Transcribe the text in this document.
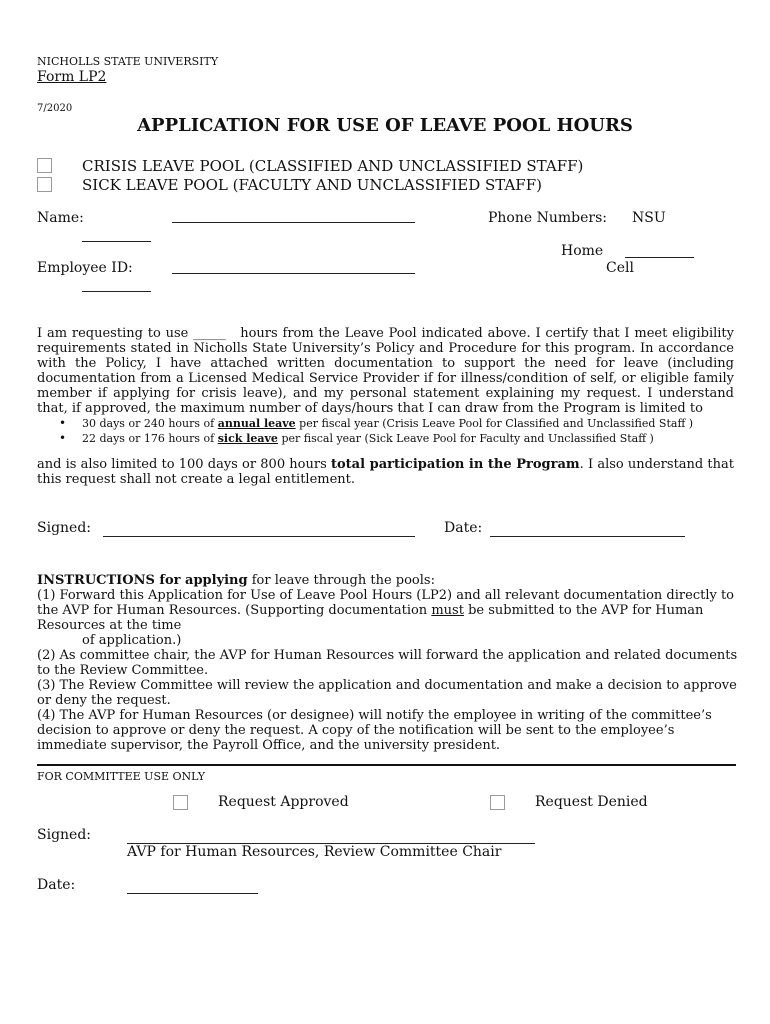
NICHOLLS STATE UNIVERSITY
Form LP2
7/2020
APPLICATION FOR USE OF LEAVE POOL HOURS
CRISIS LEAVE POOL (CLASSIFIED AND UNCLASSIFIED STAFF)
SICK LEAVE POOL (FACULTY AND UNCLASSIFIED STAFF)
Name:	Phone Numbers: NSU
Home
Cell
Employee ID:
I am requesting to use _____ hours from the Leave Pool indicated above. I certify that I meet eligibility requirements stated in Nicholls State University’s Policy and Procedure for this program. In accordance with the Policy, I have attached written documentation to support the need for leave (including documentation from a Licensed Medical Service Provider if for illness/condition of self, or eligible family member if applying for crisis leave), and my personal statement explaining my request. I understand that, if approved, the maximum number of days/hours that I can draw from the Program is limited to
• 30 days or 240 hours of annual leave per fiscal year (Crisis Leave Pool for Classified and Unclassified Staff )
• 22 days or 176 hours of sick leave per fiscal year (Sick Leave Pool for Faculty and Unclassified Staff )
and is also limited to 100 days or 800 hours total participation in the Program. I also understand that this request shall not create a legal entitlement.
Signed:	Date:
INSTRUCTIONS for applying for leave through the pools:
(1) Forward this Application for Use of Leave Pool Hours (LP2) and all relevant documentation directly to
the AVP for Human Resources. (Supporting documentation must be submitted to the AVP for Human
Resources at the time
of application.)
(2) As committee chair, the AVP for Human Resources will forward the application and related documents
to the Review Committee.
(3) The Review Committee will review the application and documentation and make a decision to approve
or deny the request.
(4) The AVP for Human Resources (or designee) will notify the employee in writing of the committee’s
decision to approve or deny the request. A copy of the notification will be sent to the employee’s
immediate supervisor, the Payroll Office, and the university president.
FOR COMMITTEE USE ONLY
Request Approved	Request Denied
Signed:
AVP for Human Resources, Review Committee Chair
Date:
